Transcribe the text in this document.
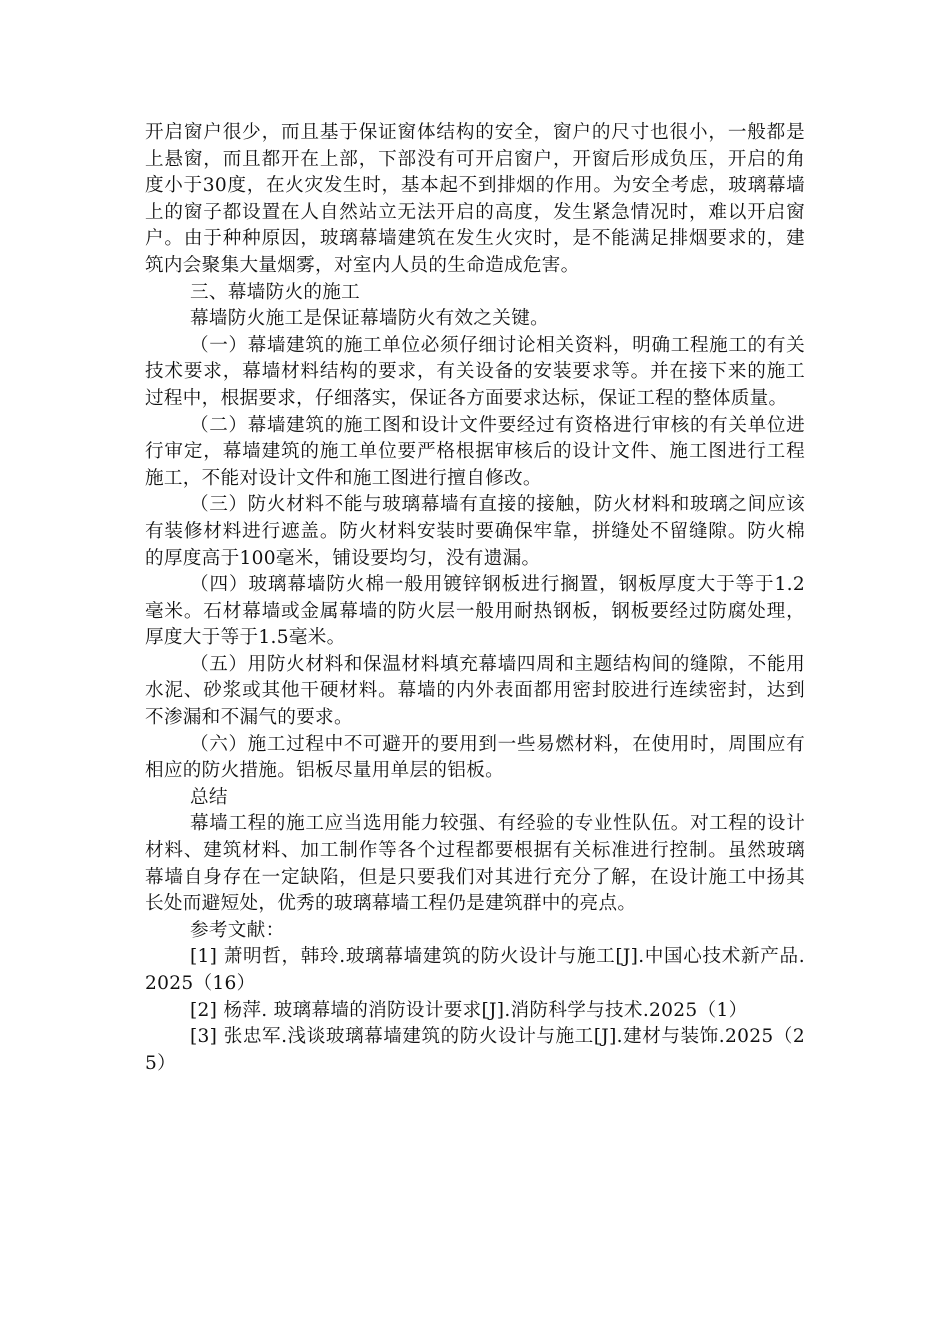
开启窗户很少，而且基于保证窗体结构的安全，窗户的尺寸也很小，一般都是上悬窗，而且都开在上部，下部没有可开启窗户，开窗后形成负压，开启的角度小于30度，在火灾发生时，基本起不到排烟的作用。为安全考虑，玻璃幕墙上的窗子都设置在人自然站立无法开启的高度，发生紧急情况时，难以开启窗户。由于种种原因，玻璃幕墙建筑在发生火灾时，是不能满足排烟要求的，建筑内会聚集大量烟雾，对室内人员的生命造成危害。

三、幕墙防火的施工

幕墙防火施工是保证幕墙防火有效之关键。

（一）幕墙建筑的施工单位必须仔细讨论相关资料，明确工程施工的有关技术要求，幕墙材料结构的要求，有关设备的安装要求等。并在接下来的施工过程中，根据要求，仔细落实，保证各方面要求达标，保证工程的整体质量。

（二）幕墙建筑的施工图和设计文件要经过有资格进行审核的有关单位进行审定，幕墙建筑的施工单位要严格根据审核后的设计文件、施工图进行工程施工，不能对设计文件和施工图进行擅自修改。

（三）防火材料不能与玻璃幕墙有直接的接触，防火材料和玻璃之间应该有装修材料进行遮盖。防火材料安装时要确保牢靠，拼缝处不留缝隙。防火棉的厚度高于100毫米，铺设要均匀，没有遗漏。

（四）玻璃幕墙防火棉一般用镀锌钢板进行搁置，钢板厚度大于等于1.2毫米。石材幕墙或金属幕墙的防火层一般用耐热钢板，钢板要经过防腐处理，厚度大于等于1.5毫米。

（五）用防火材料和保温材料填充幕墙四周和主题结构间的缝隙，不能用水泥、砂浆或其他干硬材料。幕墙的内外表面都用密封胶进行连续密封，达到不渗漏和不漏气的要求。

（六）施工过程中不可避开的要用到一些易燃材料，在使用时，周围应有相应的防火措施。铝板尽量用单层的铝板。

总结

幕墙工程的施工应当选用能力较强、有经验的专业性队伍。对工程的设计材料、建筑材料、加工制作等各个过程都要根据有关标准进行控制。虽然玻璃幕墙自身存在一定缺陷，但是只要我们对其进行充分了解，在设计施工中扬其长处而避短处，优秀的玻璃幕墙工程仍是建筑群中的亮点。

参考文献：

[1] 萧明哲，韩玲.玻璃幕墙建筑的防火设计与施工[J].中国心技术新产品.2025（16）

[2] 杨萍. 玻璃幕墙的消防设计要求[J].消防科学与技术.2025（1）

[3] 张忠军.浅谈玻璃幕墙建筑的防火设计与施工[J].建材与装饰.2025（25）
